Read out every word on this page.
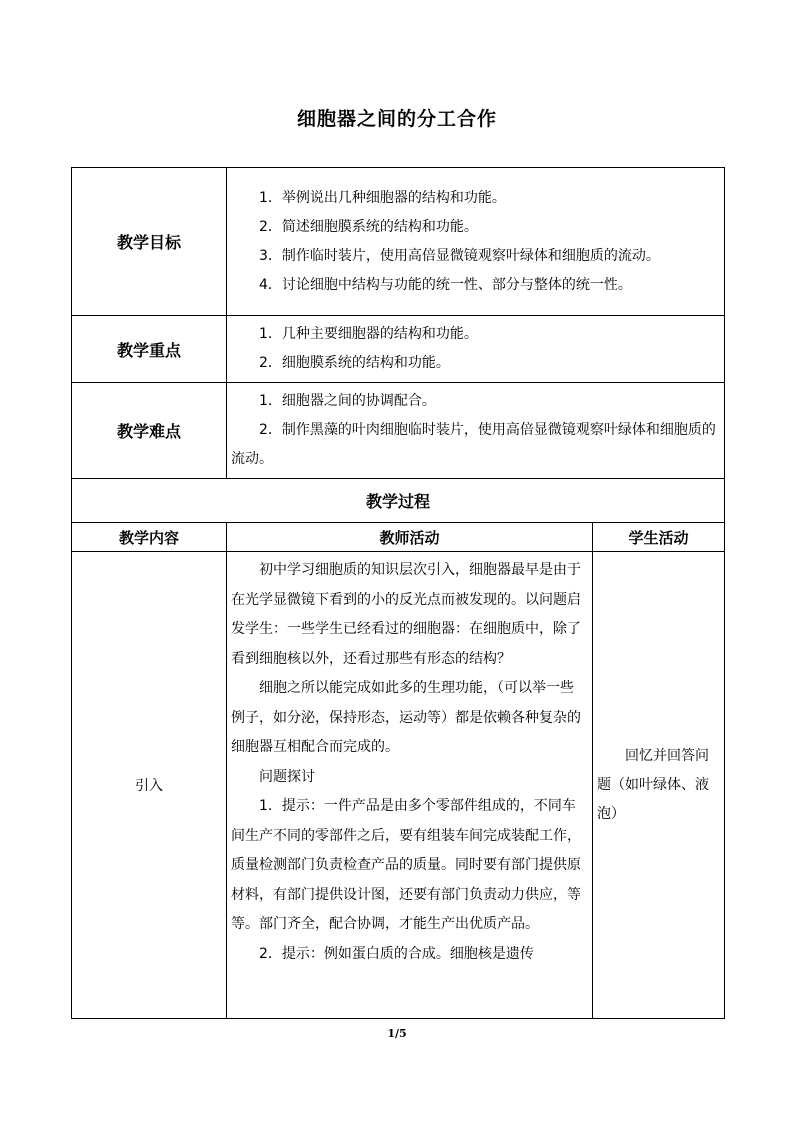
细胞器之间的分工合作
教学目标	1．举例说出几种细胞器的结构和功能。
2．简述细胞膜系统的结构和功能。
3．制作临时装片，使用高倍显微镜观察叶绿体和细胞质的流动。
4．讨论细胞中结构与功能的统一性、部分与整体的统一性。	

教学重点	1．几种主要细胞器的结构和功能。
2．细胞膜系统的结构和功能。	

教学难点	1．细胞器之间的协调配合。
2．制作黑藻的叶肉细胞临时装片，使用高倍显微镜观察叶绿体和细胞质的流动。	

教学过程		
教学内容	教师活动	学生活动
引入	初中学习细胞质的知识层次引入，细胞器最早是由于在光学显微镜下看到的小的反光点而被发现的。以问题启发学生：一些学生已经看过的细胞器：在细胞质中，除了看到细胞核以外，还看过那些有形态的结构？

细胞之所以能完成如此多的生理功能，（可以举一些例子，如分泌，保持形态，运动等）都是依赖各种复杂的细胞器互相配合而完成的。

问题探讨

1．提示：一件产品是由多个零部件组成的，不同车间生产不同的零部件之后，要有组装车间完成装配工作，质量检测部门负责检查产品的质量。同时要有部门提供原材料，有部门提供设计图，还要有部门负责动力供应，等等。部门齐全，配合协调，才能生产出优质产品。

2．提示：例如蛋白质的合成。细胞核是遗传	回忆并回答问题（如叶绿体、液泡）

1/5
